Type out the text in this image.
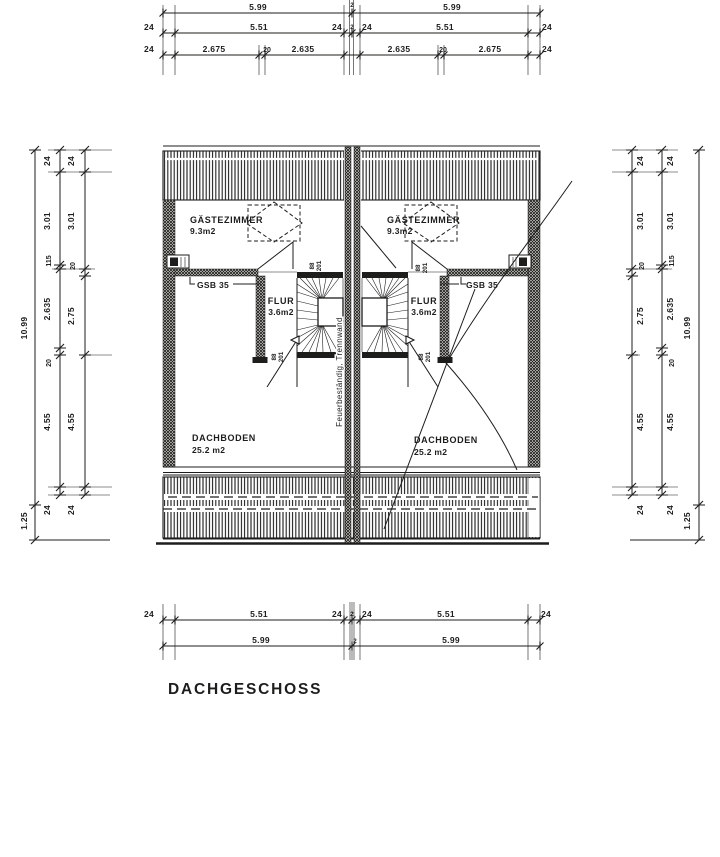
5.99	5.99
2
24	5.51	24 2 24	5.51	24
24	2.675	20 2.635	2.635	20	2.675	24
24
3.01
115
2.635
20
4.55
24
24
3.01
20
2.75
4.55
24
10.99
1.25
24
3.01
20
2.75
4.55
24
24
3.01
115
2.635
20
4.55
24
10.99
1.25
Feuerbeständig, Trennwand
GÄSTEZIMMER
9.3m2
FLUR
3.6m2
GSB 35
DACHBODEN
25.2 m2
GÄSTEZIMMER
9.3m2
FLUR
3.6m2
GSB 35
DACHBODEN
25.2 m2
88 201
88 201
88 201
88 201
24	5.51	24 2 24	5.51	24
5.99	2	5.99
DACHGESCHOSS
